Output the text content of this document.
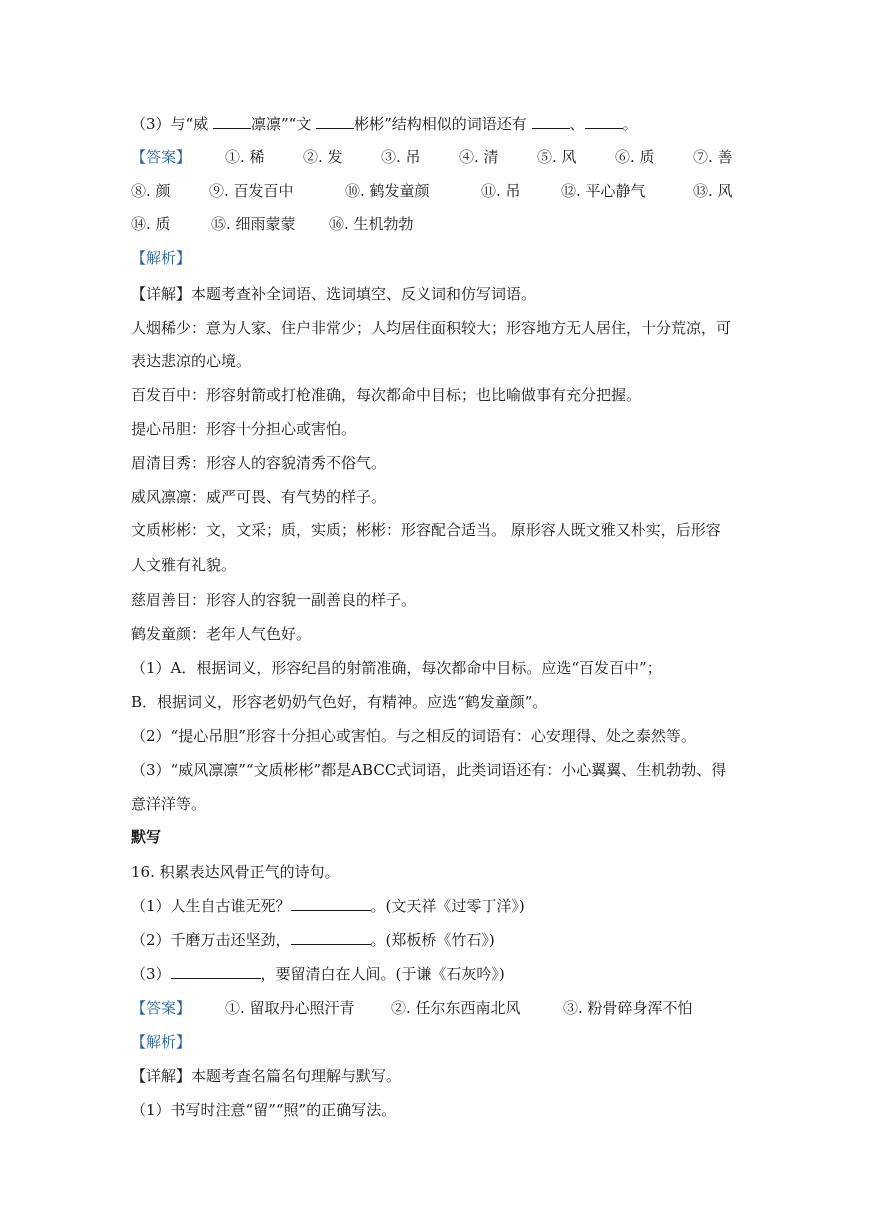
（3）与“威	凛凛”“文	彬彬”结构相似的词语还有	、	。
【答案】 ①. 稀	②. 发	③. 吊	④. 清	⑤. 风	⑥. 质	⑦. 善
⑧. 颜	⑨. 百发百中	⑩. 鹤发童颜	⑪. 吊	⑫. 平心静气	⑬. 风
⑭. 质	⑮. 细雨蒙蒙 ⑯. 生机勃勃
【解析】
【详解】本题考查补全词语、选词填空、反义词和仿写词语。
人烟稀少：意为人家、住户非常少；人均居住面积较大；形容地方无人居住，十分荒凉，可
表达悲凉的心境。
百发百中：形容射箭或打枪准确，每次都命中目标；也比喻做事有充分把握。
提心吊胆：形容十分担心或害怕。
眉清目秀：形容人的容貌清秀不俗气。
威风凛凛：威严可畏、有气势的样子。
文质彬彬：文，文采；质，实质；彬彬：形容配合适当。 原形容人既文雅又朴实，后形容
人文雅有礼貌。
慈眉善目：形容人的容貌一副善良的样子。
鹤发童颜：老年人气色好。
（1）A．根据词义，形容纪昌的射箭准确，每次都命中目标。应选“百发百中”；
B．根据词义，形容老奶奶气色好，有精神。应选“鹤发童颜”。
（2）“提心吊胆”形容十分担心或害怕。与之相反的词语有：心安理得、处之泰然等。
（3）“威风凛凛”“文质彬彬”都是ABCC式词语，此类词语还有：小心翼翼、生机勃勃、得
意洋洋等。
默写
16. 积累表达风骨正气的诗句。
（1）人生自古谁无死？	。(文天祥《过零丁洋》)
（2）千磨万击还坚劲，	。(郑板桥《竹石》)
（3）	，要留清白在人间。(于谦《石灰吟》)
【答案】 ①. 留取丹心照汗青 ②. 任尔东西南北风	③. 粉骨碎身浑不怕
【解析】
【详解】本题考查名篇名句理解与默写。
（1）书写时注意“留”“照”的正确写法。
